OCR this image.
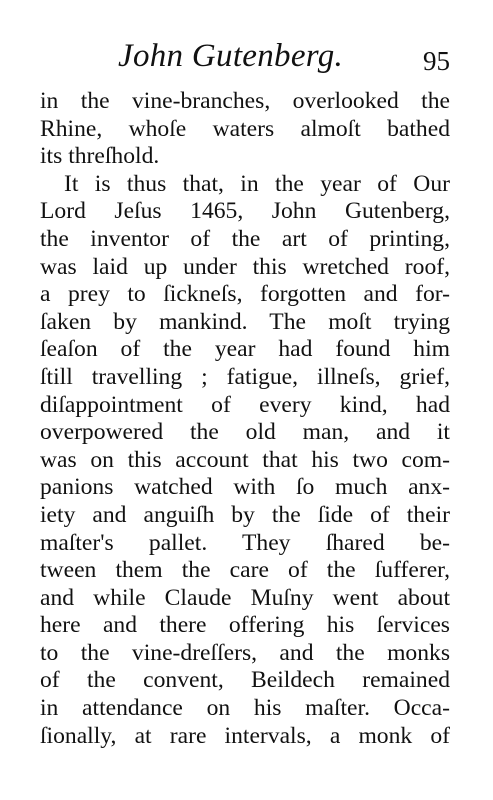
John Gutenberg.	95
in the vine-branches, overlooked the
Rhine, whoſe waters almoſt bathed
its threſhold.
It is thus that, in the year of Our
Lord Jeſus 1465, John Gutenberg,
the inventor of the art of printing,
was laid up under this wretched roof,
a prey to ſickneſs, forgotten and for-
ſaken by mankind. The moſt trying
ſeaſon of the year had found him
ſtill travelling ; fatigue, illneſs, grief,
diſappointment of every kind, had
overpowered the old man, and it
was on this account that his two com-
panions watched with ſo much anx-
iety and anguiſh by the ſide of their
maſter's pallet. They ſhared be-
tween them the care of the ſufferer,
and while Claude Muſny went about
here and there offering his ſervices
to the vine-dreſſers, and the monks
of the convent, Beildech remained
in attendance on his maſter. Occa-
ſionally, at rare intervals, a monk of
